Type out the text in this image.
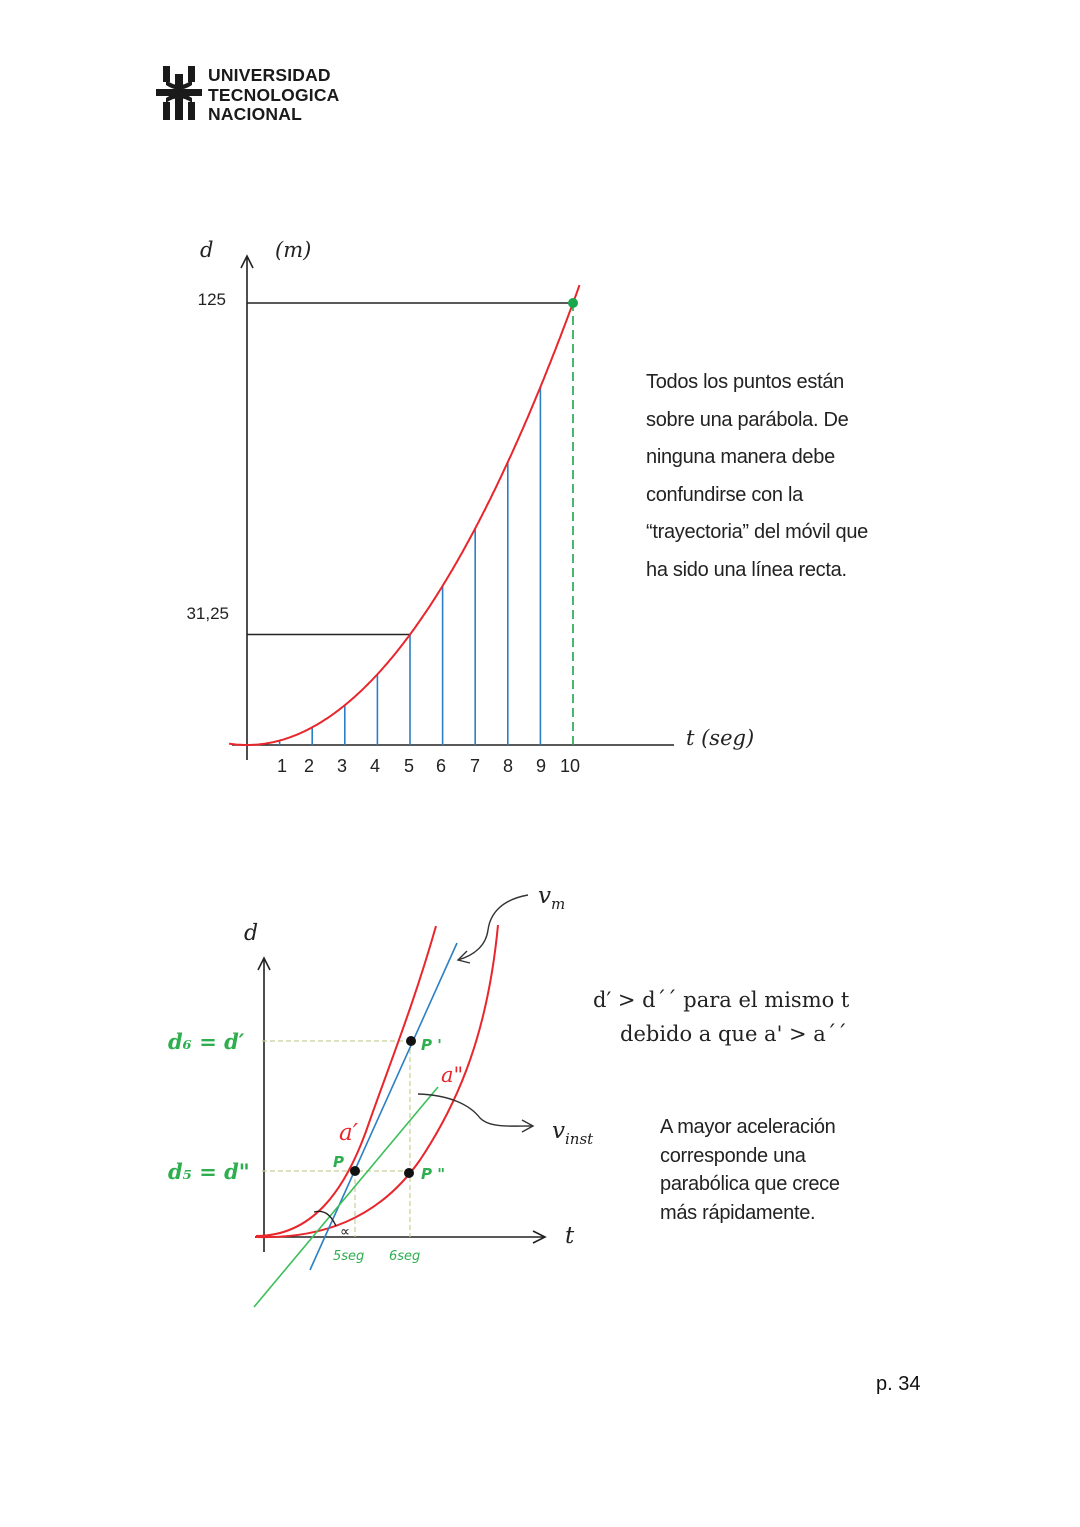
UNIVERSIDAD
TECNOLOGICA
NACIONAL
d	(m)
t (seg)
125
31,25
1 2 3 4 5 6 7 8 9 10
Todos los puntos están
sobre una parábola. De
ninguna manera debe
confundirse con la
“trayectoria” del móvil que
ha sido una línea recta.
d
t
d₆ = d′
d₅ = d"	P
P '
P "
a′
a"
$v_m$
$v_{inst}$
∝
5seg 6seg
d′ > d´´ para el mismo t
debido a que a' > a´´
A mayor aceleración
corresponde una
parabólica que crece
más rápidamente.
p. 34
